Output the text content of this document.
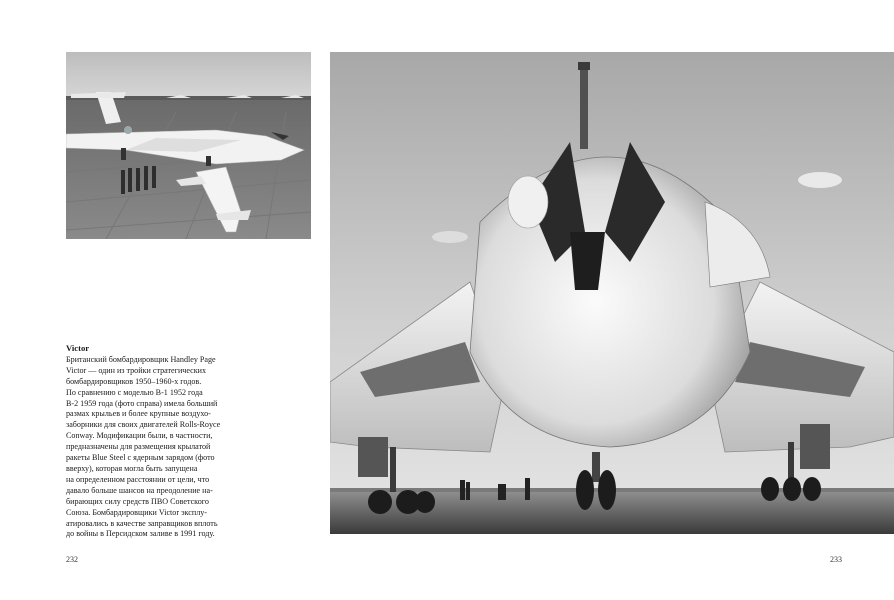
Victor

Британский бомбардировщик Handley Page
Victor — один из тройки стратегических
бомбардировщиков 1950–1960-х годов.
По сравнению с моделью B-1 1952 года
B-2 1959 года (фото справа) имела больший
размах крыльев и более крупные воздухо-
заборники для своих двигателей Rolls-Royce
Conway. Модификации были, в частности,
предназначены для размещения крылатой
ракеты Blue Steel с ядерным зарядом (фото
вверху), которая могла быть запущена
на определенном расстоянии от цели, что
давало больше шансов на преодоление на-
бирающих силу средств ПВО Советского
Союза. Бомбардировщики Victor эксплу-
атировались в качестве заправщиков вплоть
до войны в Персидском заливе в 1991 году.

232	233
